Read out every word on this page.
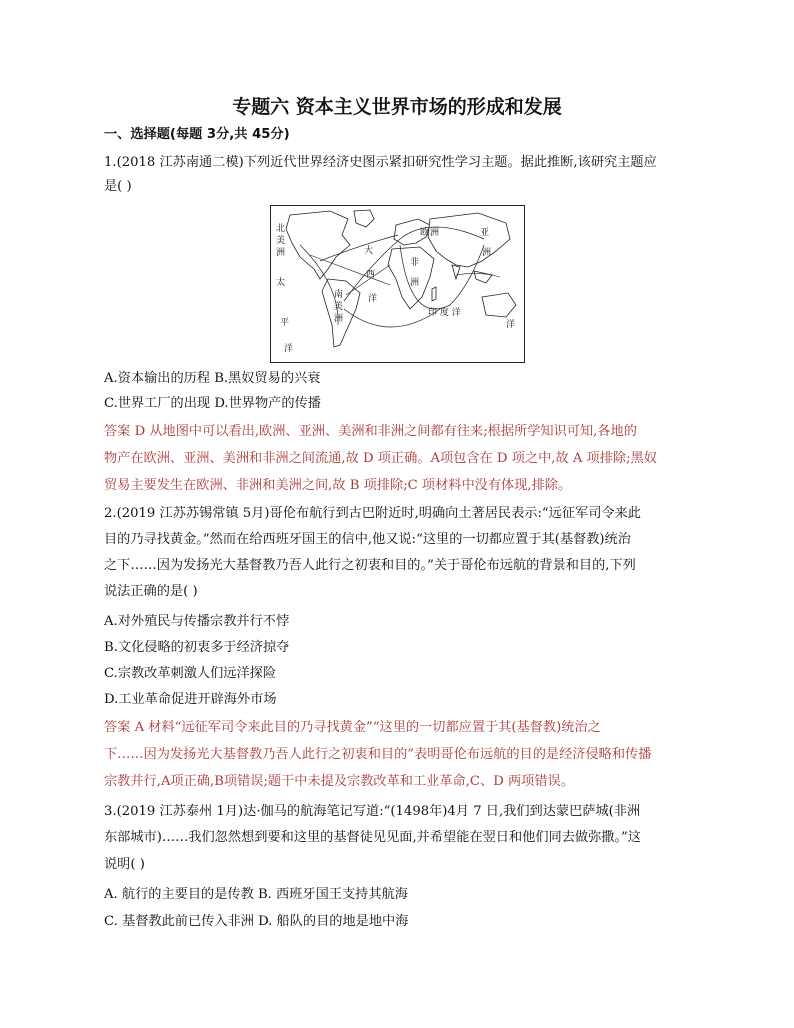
专题六 资本主义世界市场的形成和发展
一、选择题(每题 3分,共 45分)
1.(2018 江苏南通二模)下列近代世界经济史图示紧扣研究性学习主题。据此推断,该研究主题应
是( )
北
美
洲
太
平
洋
大
西
洋
南
美
洲
欧 洲	亚
洲
非
洲
印 度 洋
洋
A.资本输出的历程 B.黑奴贸易的兴衰
C.世界工厂的出现 D.世界物产的传播
答案 D 从地图中可以看出,欧洲、亚洲、美洲和非洲之间都有往来;根据所学知识可知,各地的
物产在欧洲、亚洲、美洲和非洲之间流通,故 D 项正确。A项包含在 D 项之中,故 A 项排除;黑奴
贸易主要发生在欧洲、非洲和美洲之间,故 B 项排除;C 项材料中没有体现,排除。
2.(2019 江苏苏锡常镇 5月)哥伦布航行到古巴附近时,明确向土著居民表示:“远征军司令来此
目的乃寻找黄金。”然而在给西班牙国王的信中,他又说:“这里的一切都应置于其(基督教)统治
之下……因为发扬光大基督教乃吾人此行之初衷和目的。”关于哥伦布远航的背景和目的,下列
说法正确的是( )
A.对外殖民与传播宗教并行不悖
B.文化侵略的初衷多于经济掠夺
C.宗教改革刺激人们远洋探险
D.工业革命促进开辟海外市场
答案 A 材料“远征军司令来此目的乃寻找黄金”“这里的一切都应置于其(基督教)统治之
下……因为发扬光大基督教乃吾人此行之初衷和目的”表明哥伦布远航的目的是经济侵略和传播
宗教并行,A项正确,B项错误;题干中未提及宗教改革和工业革命,C、D 两项错误。
3.(2019 江苏泰州 1月)达·伽马的航海笔记写道:“(1498年)4月 7 日,我们到达蒙巴萨城(非洲
东部城市)……我们忽然想到要和这里的基督徒见见面,并希望能在翌日和他们同去做弥撒。”这
说明( )
A. 航行的主要目的是传教 B. 西班牙国王支持其航海
C. 基督教此前已传入非洲 D. 船队的目的地是地中海
